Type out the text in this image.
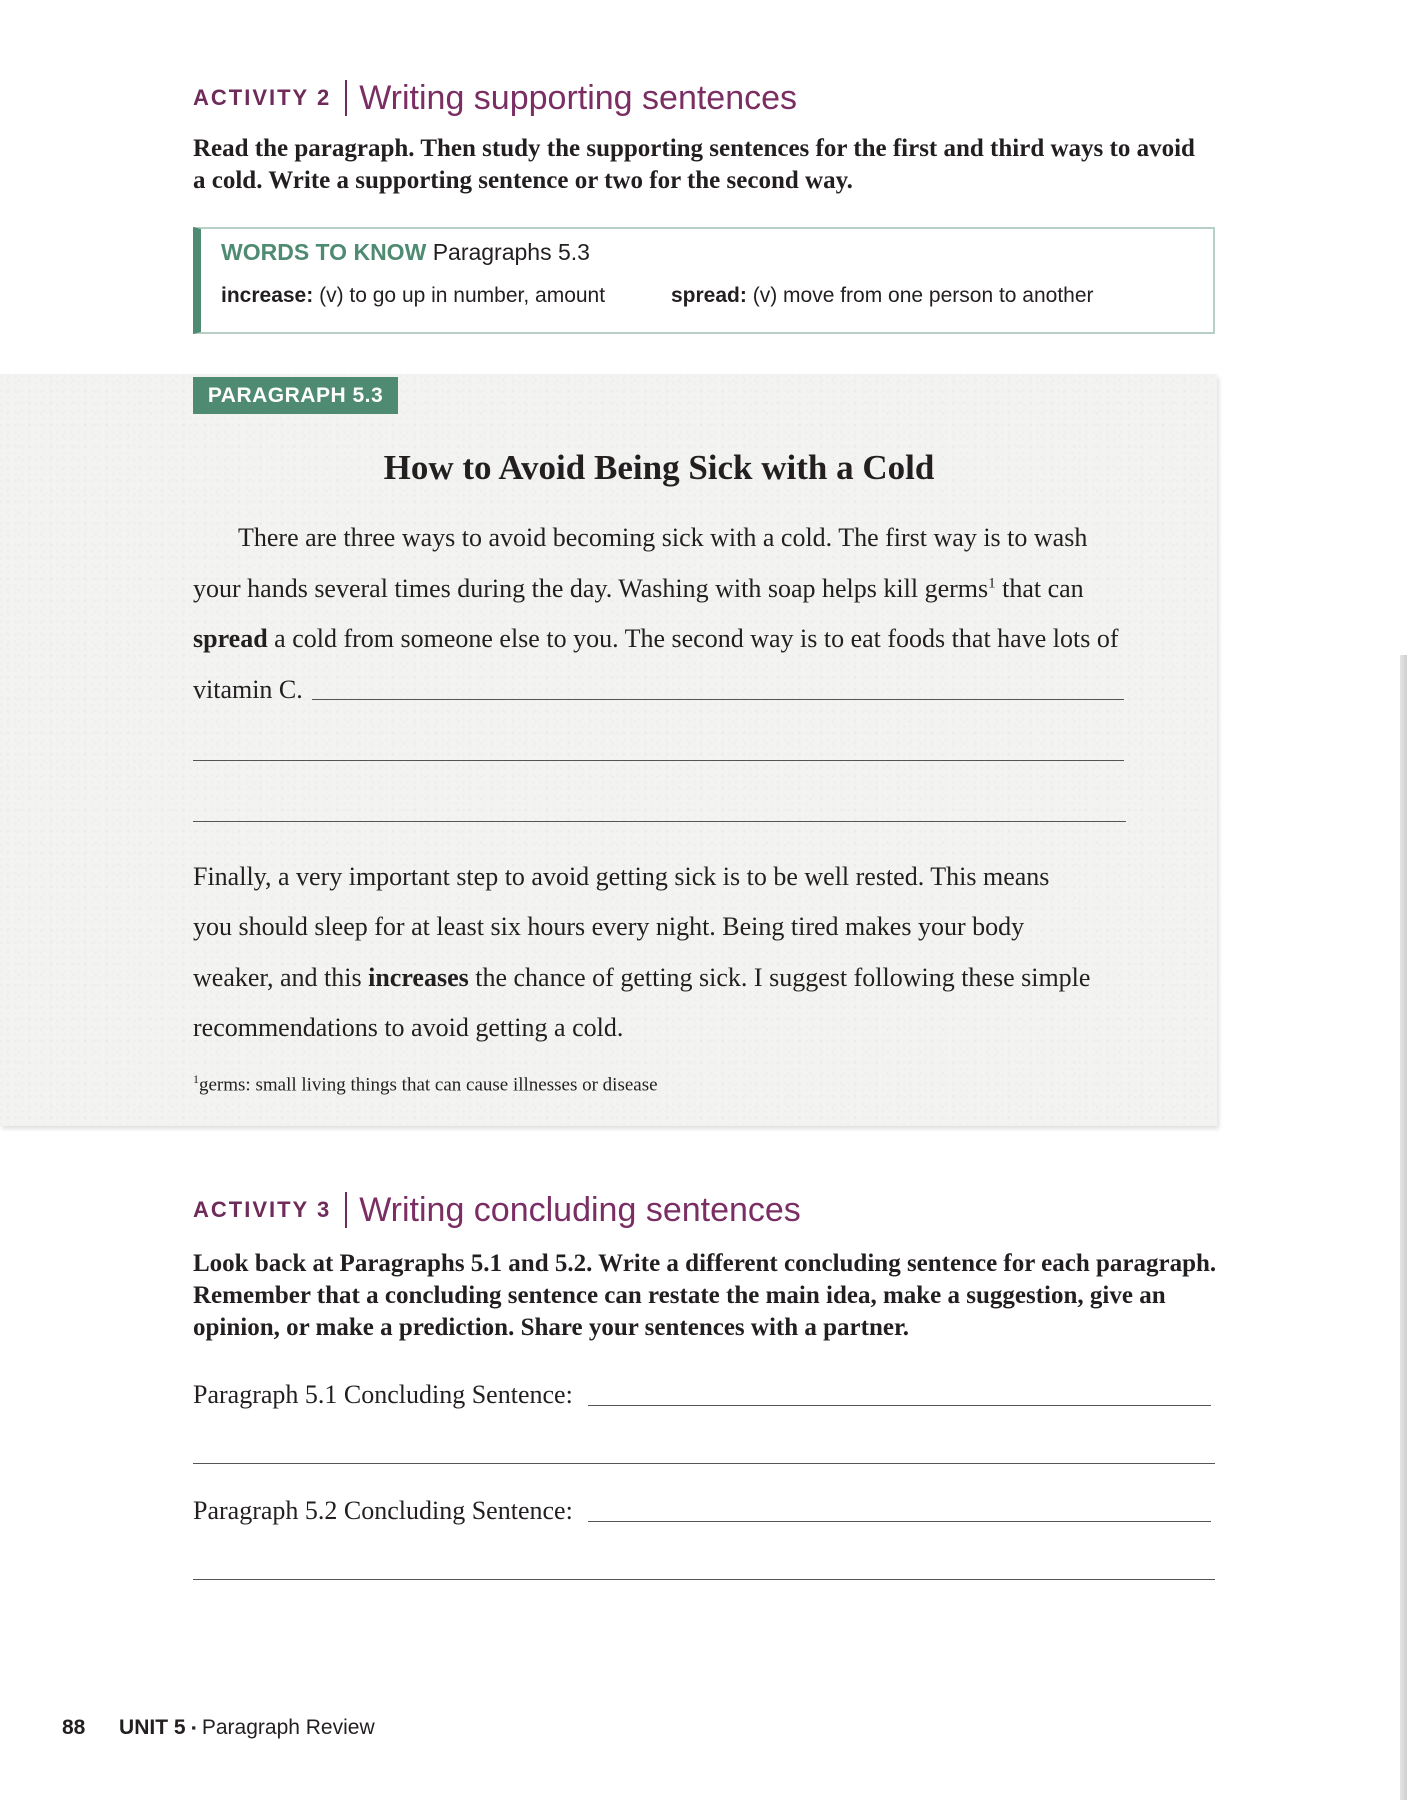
ACTIVITY 2 Writing supporting sentences

Read the paragraph. Then study the supporting sentences for the first and third ways to avoid

a cold. Write a supporting sentence or two for the second way.

WORDS TO KNOW Paragraphs 5.3
increase: (v) to go up in number, amount	spread: (v) move from one person to another
PARAGRAPH 5.3
How to Avoid Being Sick with a Cold
There are three ways to avoid becoming sick with a cold. The first way is to wash
your hands several times during the day. Washing with soap helps kill germs$^1$ that can
spread a cold from someone else to you. The second way is to eat foods that have lots of
vitamin C.
Finally, a very important step to avoid getting sick is to be well rested. This means
you should sleep for at least six hours every night. Being tired makes your body
weaker, and this increases the chance of getting sick. I suggest following these simple
recommendations to avoid getting a cold.
$^1$germs: small living things that can cause illnesses or disease
ACTIVITY 3 Writing concluding sentences

Look back at Paragraphs 5.1 and 5.2. Write a different concluding sentence for each paragraph.

Remember that a concluding sentence can restate the main idea, make a suggestion, give an

opinion, or make a prediction. Share your sentences with a partner.

Paragraph 5.1 Concluding Sentence:
Paragraph 5.2 Concluding Sentence:
88 UNIT 5 ▪ Paragraph Review
